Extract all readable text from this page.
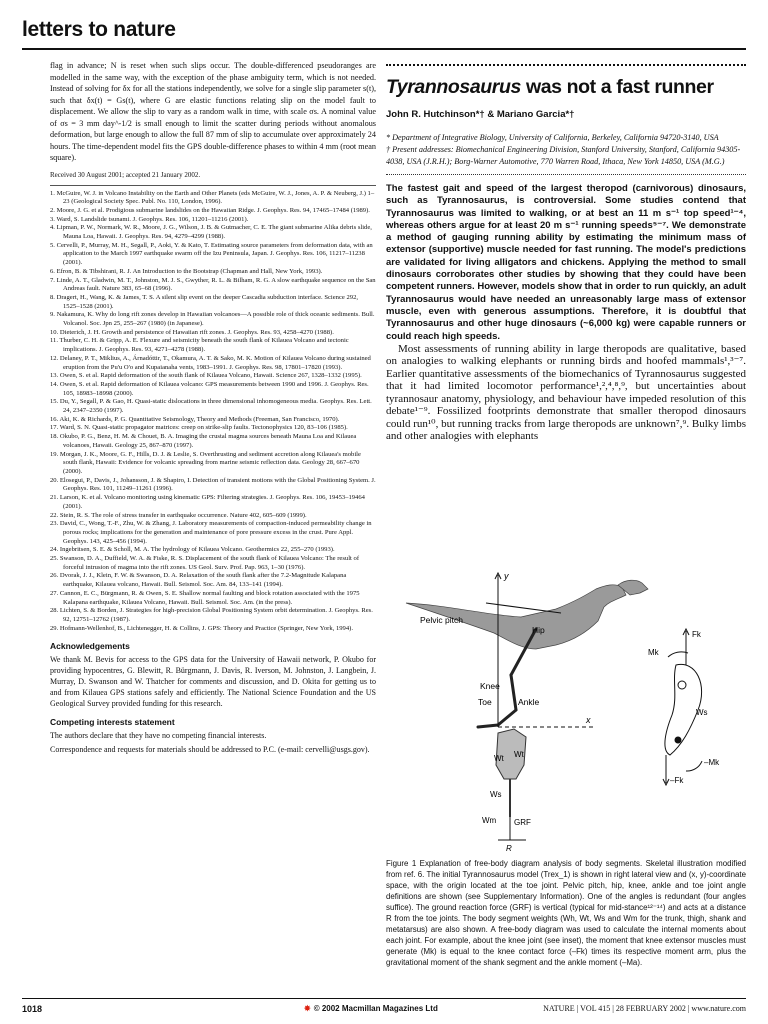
letters to nature
flag in advance; N is reset when such slips occur. The double-differenced pseudoranges are modelled in the same way, with the exception of the phase ambiguity term, which is not needed. Instead of solving for δx for all the stations independently, we solve for a single slip parameter s(t), such that δx(t) = Gs(t), where G are elastic functions relating slip on the model fault to displacement. We allow the slip to vary as a random walk in time, with scale σs. A nominal value of σs = 3 mm day^-1/2 is small enough to limit the scatter during periods without anomalous deformation, but large enough to allow the full 87 mm of slip to accumulate over approximately 24 hours. The time-dependent model fits the GPS double-difference phases to within 4 mm (root mean square).
Received 30 August 2001; accepted 21 January 2002.
1. McGuire, W. J. in Volcano Instability on the Earth and Other Planets (eds McGuire, W. J., Jones, A. P. & Neuberg, J.) 1–23 (Geological Society Spec. Publ. No. 110, London, 1996).
2. Moore, J. G. et al. Prodigious submarine landslides on the Hawaiian Ridge. J. Geophys. Res. 94, 17465–17484 (1989).
3. Ward, S. Landslide tsunami. J. Geophys. Res. 106, 11201–11216 (2001).
4. Lipman, P. W., Normark, W. R., Moore, J. G., Wilson, J. B. & Gutmacher, C. E. The giant submarine Alika debris slide, Mauna Loa, Hawaii. J. Geophys. Res. 94, 4279–4299 (1988).
5. Cervelli, P., Murray, M. H., Segall, P., Aoki, Y. & Kato, T. Estimating source parameters from deformation data, with an application to the March 1997 earthquake swarm off the Izu Peninsula, Japan. J. Geophys. Res. 106, 11217–11238 (2001).
6. Efron, B. & Tibshirani, R. J. An Introduction to the Bootstrap (Chapman and Hall, New York, 1993).
7. Linde, A. T., Gladwin, M. T., Johnston, M. J. S., Gwyther, R. L. & Bilham, R. G. A slow earthquake sequence on the San Andreas fault. Nature 383, 65–68 (1996).
8. Dragert, H., Wang, K. & James, T. S. A silent slip event on the deeper Cascadia subduction interface. Science 292, 1525–1528 (2001).
9. Nakamura, K. Why do long rift zones develop in Hawaiian volcanoes—A possible role of thick oceanic sediments. Bull. Volcanol. Soc. Jpn 25, 255–267 (1980) (in Japanese).
10. Dieterich, J. H. Growth and persistence of Hawaiian rift zones. J. Geophys. Res. 93, 4258–4270 (1988).
11. Thurber, C. H. & Gripp, A. E. Flexure and seismicity beneath the south flank of Kilauea Volcano and tectonic implications. J. Geophys. Res. 93, 4271–4278 (1988).
12. Delaney, P. T., Miklius, A., Árnadóttir, T., Okamura, A. T. & Sako, M. K. Motion of Kilauea Volcano during sustained eruption from the Pu'u O'o and Kupaianaha vents, 1983–1991. J. Geophys. Res. 98, 17801–17820 (1993).
13. Owen, S. et al. Rapid deformation of the south flank of Kilauea Volcano, Hawaii. Science 267, 1328–1332 (1995).
14. Owen, S. et al. Rapid deformation of Kilauea volcano: GPS measurements between 1990 and 1996. J. Geophys. Res. 105, 18983–18998 (2000).
15. Du, Y., Segall, P. & Gao, H. Quasi-static dislocations in three dimensional inhomogeneous media. Geophys. Res. Lett. 24, 2347–2350 (1997).
16. Aki, K. & Richards, P. G. Quantitative Seismology, Theory and Methods (Freeman, San Francisco, 1970).
17. Ward, S. N. Quasi-static propagator matrices: creep on strike-slip faults. Tectonophysics 120, 83–106 (1985).
18. Okubo, P. G., Benz, H. M. & Chouet, B. A. Imaging the crustal magma sources beneath Mauna Loa and Kilauea volcanoes, Hawaii. Geology 25, 867–870 (1997).
19. Morgan, J. K., Moore, G. F., Hills, D. J. & Leslie, S. Overthrusting and sediment accretion along Kilauea's mobile south flank, Hawaii: Evidence for volcanic spreading from marine seismic reflection data. Geology 28, 667–670 (2000).
20. Elosegui, P., Davis, J., Johansson, J. & Shapiro, I. Detection of transient motions with the Global Positioning System. J. Geophys. Res. 101, 11249–11261 (1996).
21. Larson, K. et al. Volcano monitoring using kinematic GPS: Filtering strategies. J. Geophys. Res. 106, 19453–19464 (2001).
22. Stein, R. S. The role of stress transfer in earthquake occurrence. Nature 402, 605–609 (1999).
23. David, C., Wong, T.-F., Zhu, W. & Zhang, J. Laboratory measurements of compaction-induced permeability change in porous rocks; implications for the generation and maintenance of pore pressure excess in the crust. Pure Appl. Geophys. 143, 425–456 (1994).
24. Ingebritsen, S. E. & Scholl, M. A. The hydrology of Kilauea Volcano. Geothermics 22, 255–270 (1993).
25. Swanson, D. A., Duffield, W. A. & Fiske, R. S. Displacement of the south flank of Kilauea Volcano: The result of forceful intrusion of magma into the rift zones. US Geol. Surv. Prof. Pap. 963, 1–30 (1976).
26. Dvorak, J. J., Klein, F. W. & Swanson, D. A. Relaxation of the south flank after the 7.2-Magnitude Kalapana earthquake, Kilauea volcano, Hawaii. Bull. Seismol. Soc. Am. 84, 133–141 (1994).
27. Cannon, E. C., Bürgmann, R. & Owen, S. E. Shallow normal faulting and block rotation associated with the 1975 Kalapana earthquake, Kilauea Volcano, Hawaii. Bull. Seismol. Soc. Am. (in the press).
28. Lichten, S. & Borden, J. Strategies for high-precision Global Positioning System orbit determination. J. Geophys. Res. 92, 12751–12762 (1987).
29. Hofmann-Wellenhof, B., Lichtenegger, H. & Collins, J. GPS: Theory and Practice (Springer, New York, 1994).
Acknowledgements

We thank M. Bevis for access to the GPS data for the University of Hawaii network, P. Okubo for providing hypocentres, G. Blewitt, R. Bürgmann, J. Davis, R. Iverson, M. Johnston, J. Langbein, J. Murray, D. Swanson and W. Thatcher for comments and discussion, and D. Okita for getting us to and from Kilauea GPS stations safely and efficiently. The National Science Foundation and the US Geological Survey provided funding for this research.

Competing interests statement

The authors declare that they have no competing financial interests.

Correspondence and requests for materials should be addressed to P.C. (e-mail: cervelli@usgs.gov).

Tyrannosaurus was not a fast runner
John R. Hutchinson*† & Mariano Garcia*†

* Department of Integrative Biology, University of California, Berkeley, California 94720-3140, USA

† Present addresses: Biomechanical Engineering Division, Stanford University, Stanford, California 94305-4038, USA (J.R.H.); Borg-Warner Automotive, 770 Warren Road, Ithaca, New York 14850, USA (M.G.)

The fastest gait and speed of the largest theropod (carnivorous) dinosaurs, such as Tyrannosaurus, is controversial. Some studies contend that Tyrannosaurus was limited to walking, or at best an 11 m s⁻¹ top speed¹⁻⁴, whereas others argue for at least 20 m s⁻¹ running speeds⁵⁻⁷. We demonstrate a method of gauging running ability by estimating the minimum mass of extensor (supportive) muscle needed for fast running. The model's predictions are validated for living alligators and chickens. Applying the method to small dinosaurs corroborates other studies by showing that they could have been competent runners. However, models show that in order to run quickly, an adult Tyrannosaurus would have needed an unreasonably large mass of extensor muscle, even with generous assumptions. Therefore, it is doubtful that Tyrannosaurus and other huge dinosaurs (~6,000 kg) were capable runners or could reach high speeds.

Most assessments of running ability in large theropods are qualitative, based on analogies to walking elephants or running birds and hoofed mammals¹,³⁻⁷. Earlier quantitative assessments of the biomechanics of Tyrannosaurus suggested that it had limited locomotor performance¹,²,⁴,⁸,⁹, but uncertainties about tyrannosaur anatomy, physiology, and behaviour have impeded resolution of this debate¹⁻⁹. Fossilized footprints demonstrate that smaller theropod dinosaurs could run¹⁰, but running tracks from large theropods are unknown⁷,⁹. Bulky limbs and other analogies with elephants

y
Pelvic pitch
Hip
Knee
Toe	Ankle
x
Wt Wt
Ws
Wm GRF
R
Fk
Mk
Ws
–Mk
–Fk
Figure 1 Explanation of free-body diagram analysis of body segments. Skeletal illustration modified from ref. 6. The initial Tyrannosaurus model (Trex_1) is shown in right lateral view and (x, y)-coordinate space, with the origin located at the toe joint. Pelvic pitch, hip, knee, ankle and toe joint angle definitions are shown (see Supplementary Information). One of the angles is redundant (four angles suffice). The ground reaction force (GRF) is vertical (typical for mid-stance¹²⁻¹⁴) and acts at a distance R from the toe joints. The body segment weights (Wh, Wt, Ws and Wm for the trunk, thigh, shank and metatarsus) are also shown. A free-body diagram was used to calculate the internal moments about each joint. For example, about the knee joint (see inset), the moment that knee extensor muscles must generate (Mk) is equal to the knee contact force (–Fk) times its respective moment arm, plus the gravitational moment of the shank segment and the ankle moment (–Ma).
1018	✸ © 2002 Macmillan Magazines Ltd	NATURE | VOL 415 | 28 FEBRUARY 2002 | www.nature.com
